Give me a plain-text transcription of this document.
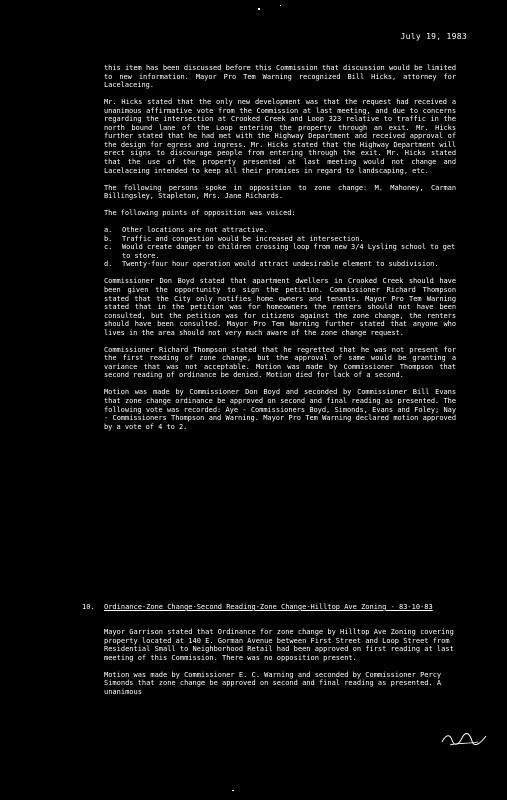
July 19, 1983

this item has been discussed before this Commission that discussion would be limited to new information. Mayor Pro Tem Warning recognized Bill Hicks, attorney for Lacelaceing.

Mr. Hicks stated that the only new development was that the request had received a unanimous affirmative vote from the Commission at last meeting, and due to concerns regarding the intersection at Crooked Creek and Loop 323 relative to traffic in the north bound lane of the Loop entering the property through an exit. Mr. Hicks further stated that he had met with the Highway Department and received approval of the design for egress and ingress. Mr. Hicks stated that the Highway Department will erect signs to discourage people from entering through the exit. Mr. Hicks stated that the use of the property presented at last meeting would not change and Lacelaceing intended to keep all their promises in regard to landscaping, etc.

The following persons spoke in opposition to zone change: M. Mahoney, Carman Billingsley, Stapleton, Mrs. Jane Richards.

The following points of opposition was voiced:

a.	Other locations are not attractive.
b.	Traffic and congestion would be increased at intersection.
c.	Would create danger to children crossing loop from new 3/4 Lysling school to get to store.
d.	Twenty-four hour operation would attract undesirable element to subdivision.

Commissioner Don Boyd stated that apartment dwellers in Crooked Creek should have been given the opportunity to sign the petition. Commissioner Richard Thompson stated that the City only notifies home owners and tenants. Mayor Pro Tem Warning stated that in the petition was for homeowners the renters should not have been consulted, but the petition was for citizens against the zone change, the renters should have been consulted. Mayor Pro Tem Warning further stated that anyone who lives in the area should not very much aware of the zone change request.

Commissioner Richard Thompson stated that he regretted that he was not present for the first reading of zone change, but the approval of same would be granting a variance that was not acceptable. Motion was made by Commissioner Thompson that second reading of ordinance be denied. Motion died for lack of a second.

Motion was made by Commissioner Don Boyd and seconded by Commissioner Bill Evans that zone change ordinance be approved on second and final reading as presented. The following vote was recorded: Aye - Commissioners Boyd, Simonds, Evans and Foley; Nay - Commissioners Thompson and Warning. Mayor Pro Tem Warning declared motion approved by a vote of 4 to 2.

10. Ordinance-Zone Change-Second Reading-Zone Change-Hilltop Ave Zoning - 83-10-83

Mayor Garrison stated that Ordinance for zone change by Hilltop Ave Zoning covering property located at 140 E. Gorman Avenue between First Street and Loop Street from Residential Small to Neighborhood Retail had been approved on first reading at last meeting of this Commission. There was no opposition present.

Motion was made by Commissioner E. C. Warning and seconded by Commissioner Percy Simonds that zone change be approved on second and final reading as presented. A unanimous
